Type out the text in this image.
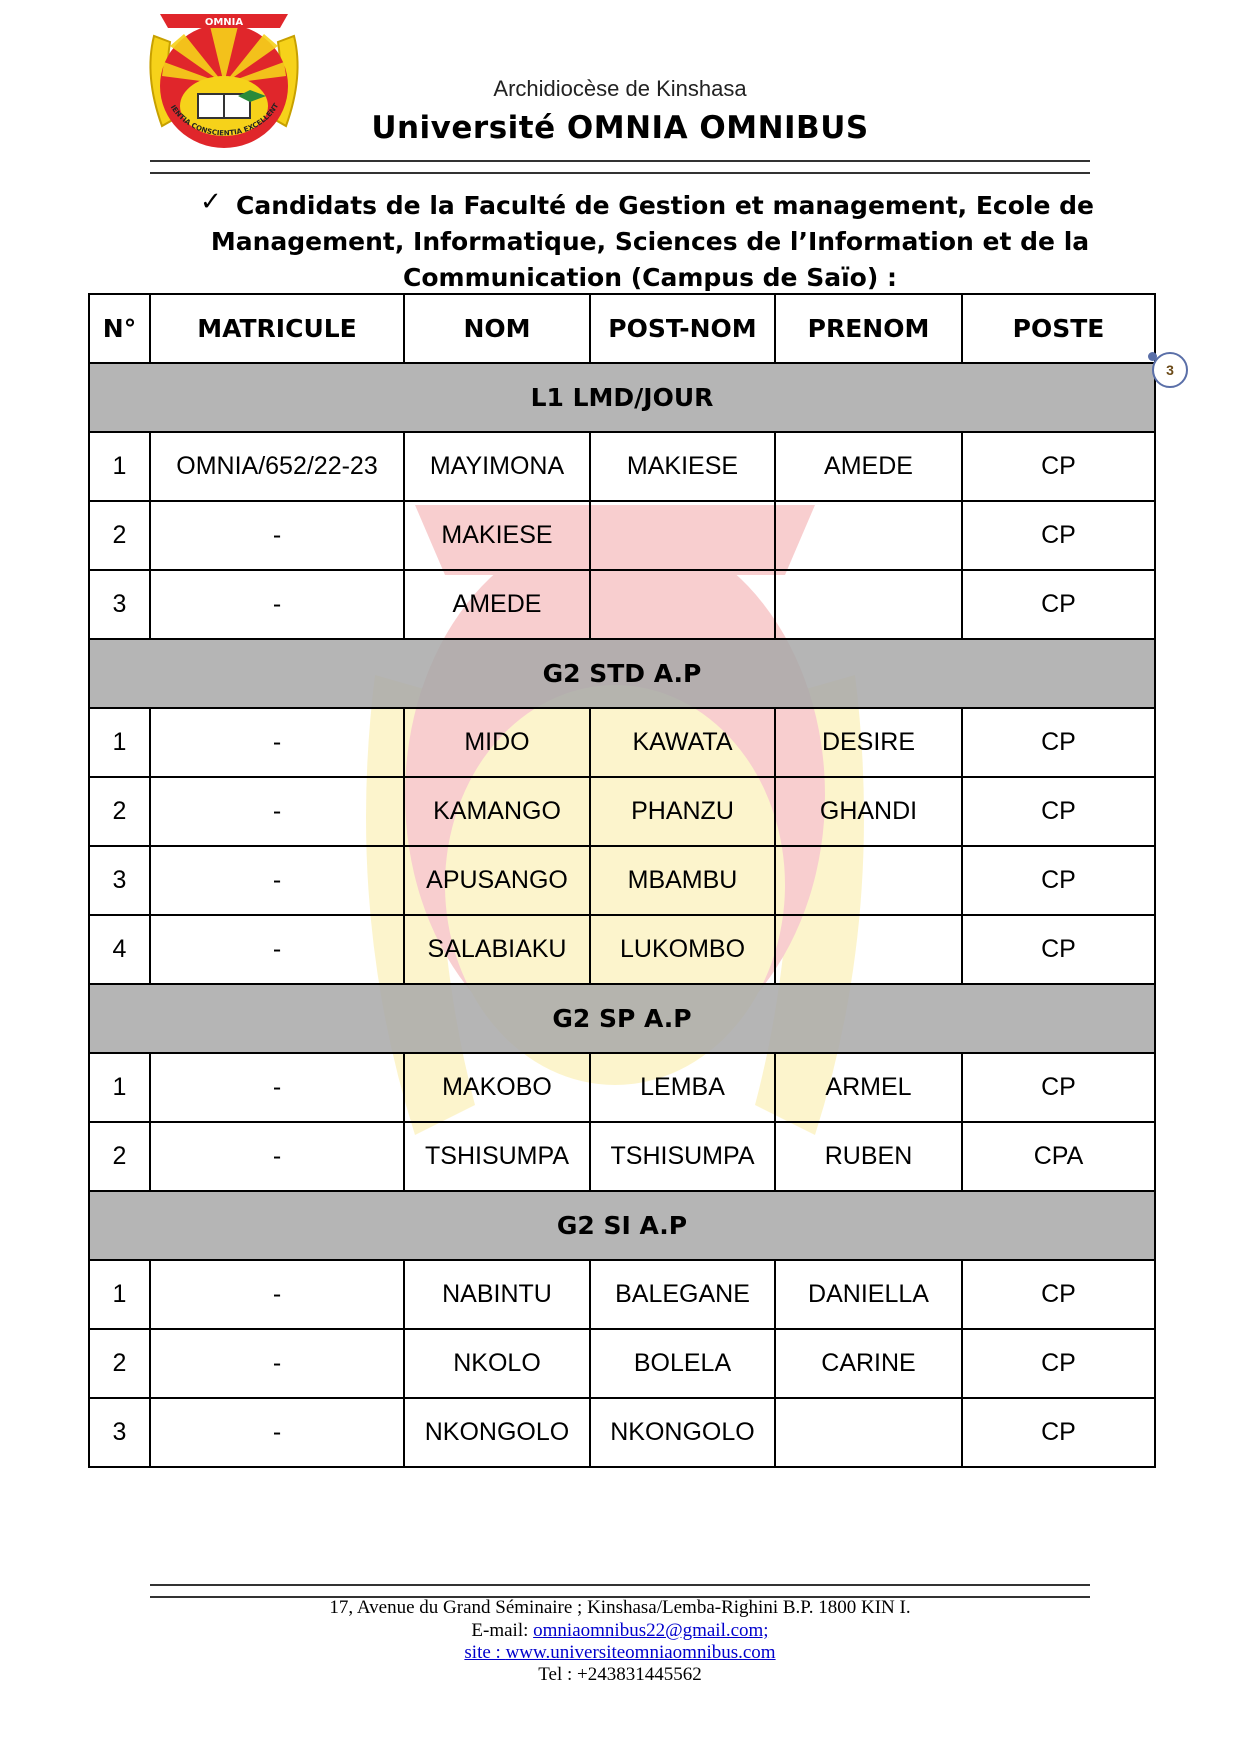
OMNIA
IENTIA CONSCIENTIA EXCELLENT
Archidiocèse de Kinshasa
Université OMNIA OMNIBUS
✓ Candidats de la Faculté de Gestion et management, Ecole de
Management, Informatique, Sciences de l’Information et de la
Communication (Campus de Saïo) :
N°	MATRICULE	NOM	POST-NOM	PRENOM	POSTE
L1 LMD/JOUR					
1	OMNIA/652/22-23	MAYIMONA	MAKIESE	AMEDE	CP
2	-	MAKIESE			CP
3	-	AMEDE			CP
G2 STD A.P					
1	-	MIDO	KAWATA	DESIRE	CP
2	-	KAMANGO	PHANZU	GHANDI	CP
3	-	APUSANGO	MBAMBU		CP
4	-	SALABIAKU	LUKOMBO		CP
G2 SP A.P					
1	-	MAKOBO	LEMBA	ARMEL	CP
2	-	TSHISUMPA	TSHISUMPA	RUBEN	CPA
G2 SI A.P					
1	-	NABINTU	BALEGANE	DANIELLA	CP
2	-	NKOLO	BOLELA	CARINE	CP
3	-	NKONGOLO	NKONGOLO		CP
3
17, Avenue du Grand Séminaire ; Kinshasa/Lemba-Righini B.P. 1800 KIN I.
E-mail: omniaomnibus22@gmail.com;
site : www.universiteomniaomnibus.com
Tel : +243831445562
